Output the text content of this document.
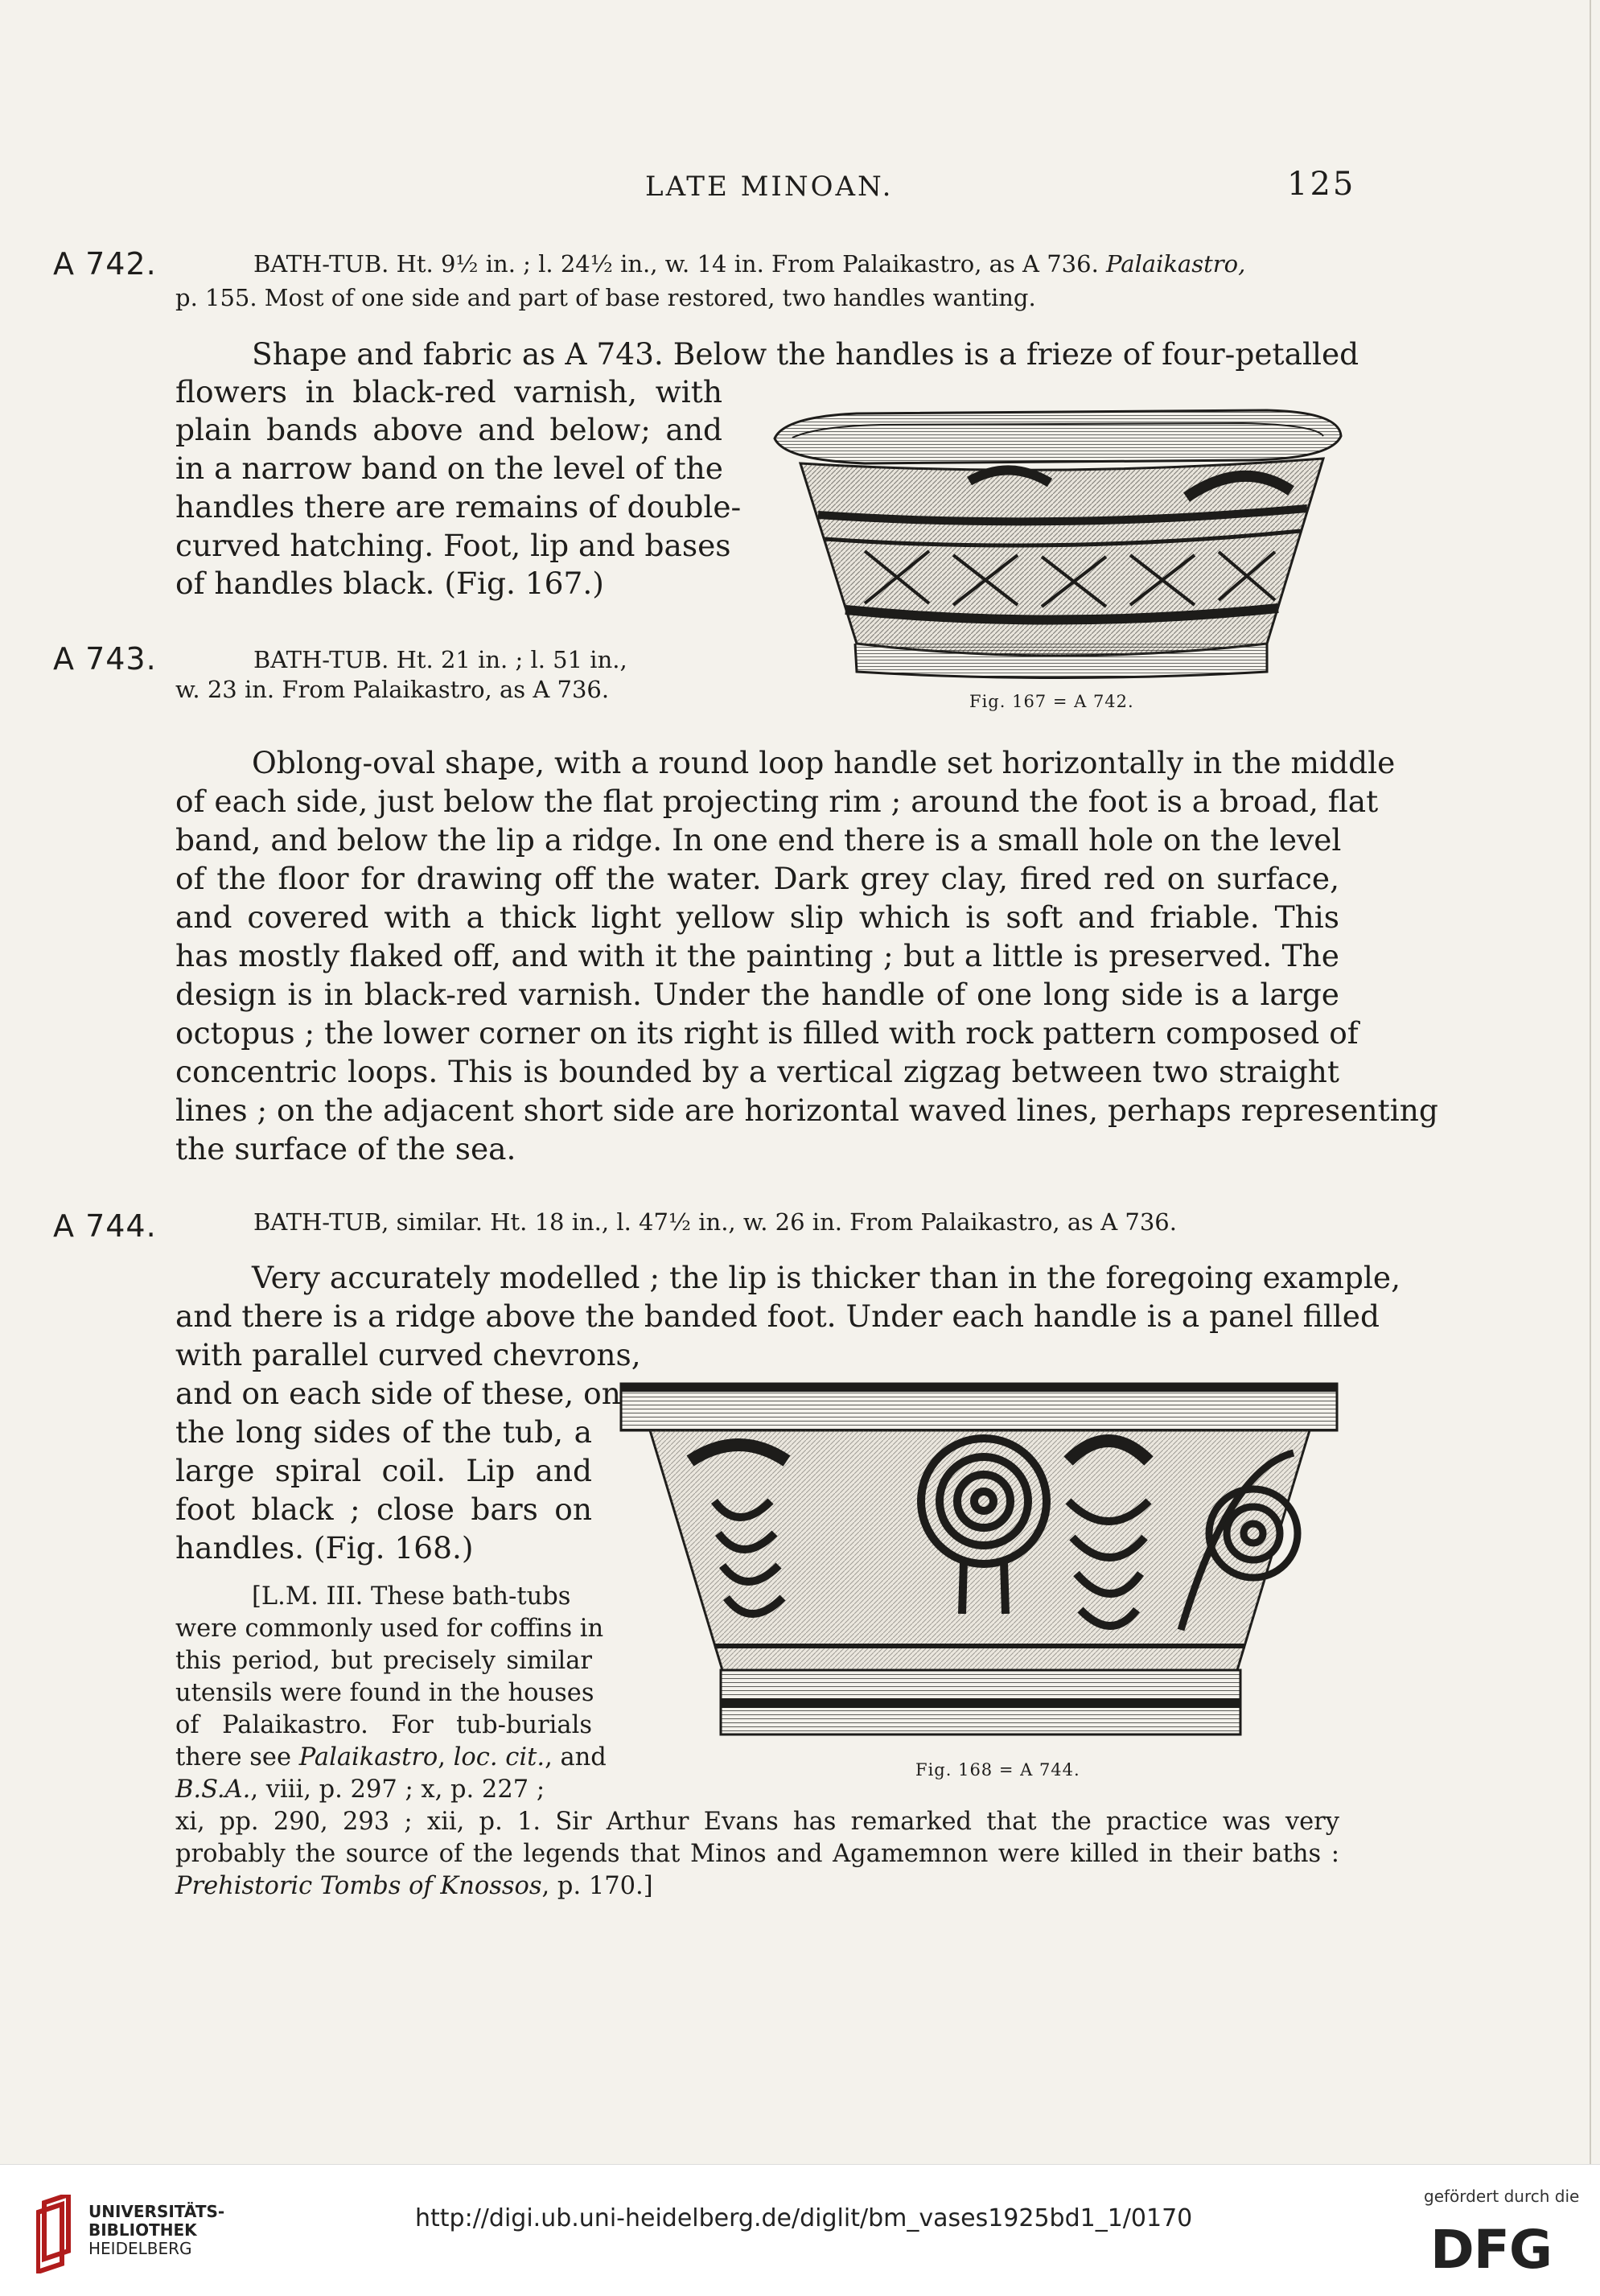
LATE MINOAN.	125
A 742.	BATH-TUB. Ht. 9½ in. ; l. 24½ in., w. 14 in. From Palaikastro, as A 736. Palaikastro,
p. 155. Most of one side and part of base restored, two handles wanting.
Shape and fabric as A 743. Below the handles is a frieze of four-petalled
flowers in black-red varnish, with
plain bands above and below; and
in a narrow band on the level of the
handles there are remains of double-
curved hatching. Foot, lip and bases
of handles black. (Fig. 167.)
Fig. 167 = A 742.
A 743.	BATH-TUB. Ht. 21 in. ; l. 51 in.,
w. 23 in. From Palaikastro, as A 736.
Oblong-oval shape, with a round loop handle set horizontally in the middle
of each side, just below the flat projecting rim ; around the foot is a broad, flat
band, and below the lip a ridge. In one end there is a small hole on the level
of the floor for drawing off the water. Dark grey clay, fired red on surface,
and covered with a thick light yellow slip which is soft and friable. This
has mostly flaked off, and with it the painting ; but a little is preserved. The
design is in black-red varnish. Under the handle of one long side is a large
octopus ; the lower corner on its right is filled with rock pattern composed of
concentric loops. This is bounded by a vertical zigzag between two straight
lines ; on the adjacent short side are horizontal waved lines, perhaps representing
the surface of the sea.
A 744.	BATH-TUB, similar. Ht. 18 in., l. 47½ in., w. 26 in. From Palaikastro, as A 736.
Very accurately modelled ; the lip is thicker than in the foregoing example,
and there is a ridge above the banded foot. Under each handle is a panel filled
with parallel curved chevrons,
and on each side of these, on
the long sides of the tub, a
large spiral coil. Lip and
foot black ; close bars on
handles. (Fig. 168.)
[L.M. III. These bath-tubs
were commonly used for coffins in
this period, but precisely similar
utensils were found in the houses
of Palaikastro. For tub-burials
there see Palaikastro, loc. cit., and
B.S.A., viii, p. 297 ; x, p. 227 ;
xi, pp. 290, 293 ; xii, p. 1. Sir Arthur Evans has remarked that the practice was very
probably the source of the legends that Minos and Agamemnon were killed in their baths :
Prehistoric Tombs of Knossos, p. 170.]
Fig. 168 = A 744.
UNIVERSITÄTS-
BIBLIOTHEK
HEIDELBERG
http://digi.ub.uni-heidelberg.de/diglit/bm_vases1925bd1_1/0170
gefördert durch die
DFG
